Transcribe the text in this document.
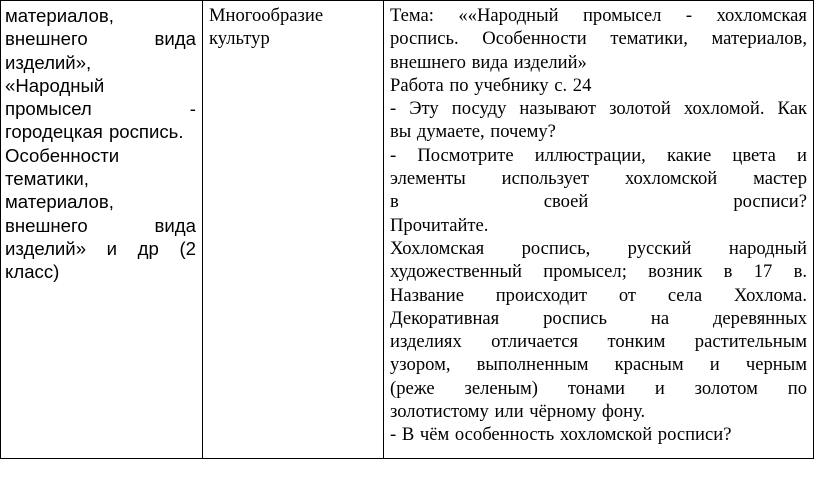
материалов,
внешнего вида
изделий»,
«Народный
промысел -
городецкая роспись.
Особенности
тематики,
материалов,
внешнего вида
изделий» и др (2
класс)

Многообразие
культур

Тема: ««Народный промысел - хохломская
роспись. Особенности тематики, материалов,
внешнего вида изделий»
Работа по учебнику с. 24
- Эту посуду называют золотой хохломой. Как
вы думаете, почему?
- Посмотрите иллюстрации, какие цвета и
элементы использует хохломской мастер
в своей росписи?
Прочитайте.
Хохломская роспись, русский народный
художественный промысел; возник в 17 в.
Название происходит от села Хохлома.
Декоративная роспись на деревянных
изделиях отличается тонким растительным
узором, выполненным красным и черным
(реже зеленым) тонами и золотом по
золотистому или чёрному фону.
- В чём особенность хохломской росписи?
